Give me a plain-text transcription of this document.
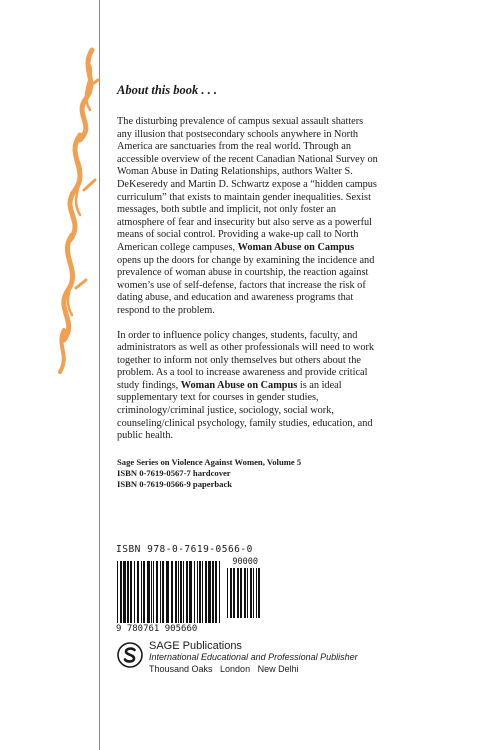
About this book . . .

The disturbing prevalence of campus sexual assault shatters any illusion that postsecondary schools anywhere in North America are sanctuaries from the real world. Through an accessible overview of the recent Canadian National Survey on Woman Abuse in Dating Relationships, authors Walter S. DeKeseredy and Martin D. Schwartz expose a “hidden campus curriculum” that exists to maintain gender inequalities. Sexist messages, both subtle and implicit, not only foster an atmosphere of fear and insecurity but also serve as a powerful means of social control. Providing a wake-up call to North American college campuses, Woman Abuse on Campus opens up the doors for change by examining the incidence and prevalence of woman abuse in courtship, the reaction against women’s use of self-defense, factors that increase the risk of dating abuse, and education and awareness programs that respond to the problem.

In order to influence policy changes, students, faculty, and administrators as well as other professionals will need to work together to inform not only themselves but others about the problem. As a tool to increase awareness and provide critical study findings, Woman Abuse on Campus is an ideal supplementary text for courses in gender studies, criminology/criminal justice, sociology, social work, counseling/clinical psychology, family studies, education, and public health.

Sage Series on Violence Against Women, Volume 5
ISBN 0-7619-0567-7 hardcover
ISBN 0-7619-0566-9 paperback
ISBN 978-0-7619-0566-0
90000
9 780761 905660
SAGE Publications
International Educational and Professional Publisher
Thousand Oaks   London   New Delhi
